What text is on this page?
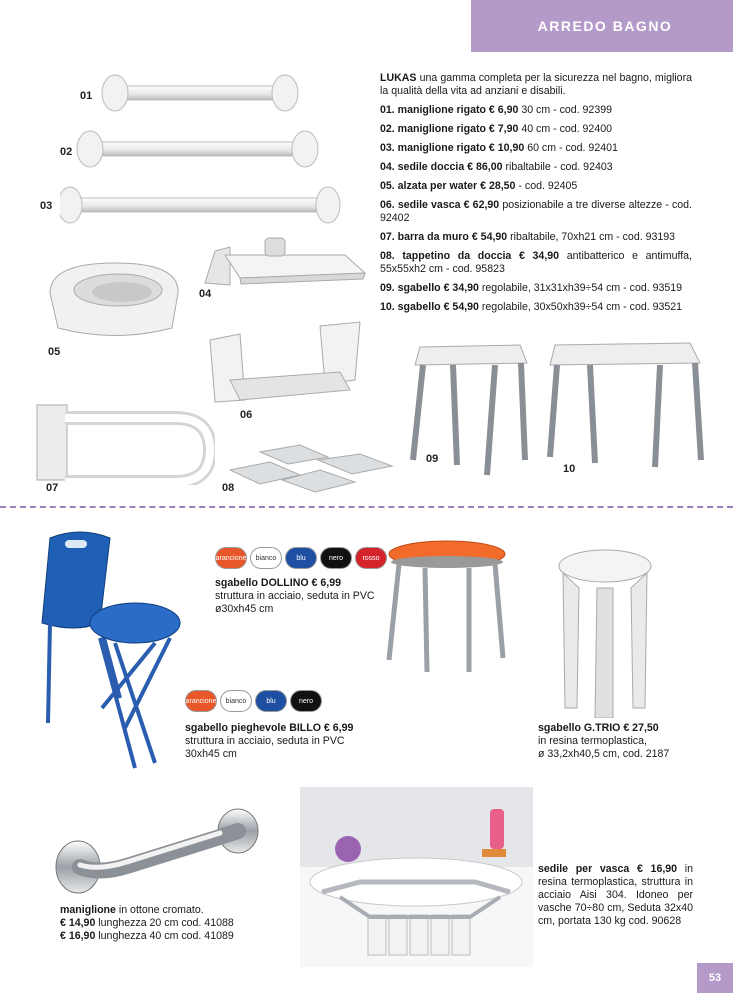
ARREDO BAGNO
01
02
03
04
05
06
07	08
09
10

LUKAS una gamma completa per la sicurezza nel bagno, migliora la qualità della vita ad anziani e disabili.

01. maniglione rigato € 6,90 30 cm - cod. 92399

02. maniglione rigato € 7,90 40 cm - cod. 92400

03. maniglione rigato € 10,90 60 cm - cod. 92401

04. sedile doccia € 86,00 ribaltabile - cod. 92403

05. alzata per water € 28,50 - cod. 92405

06. sedile vasca € 62,90 posizionabile a tre diverse altezze - cod. 92402

07. barra da muro € 54,90 ribaltabile, 70xh21 cm - cod. 93193

08. tappetino da doccia € 34,90 antibatterico e antimuffa, 55x55xh2 cm - cod. 95823

09. sgabello € 34,90 regolabile, 31x31xh39÷54 cm - cod. 93519

10. sgabello € 54,90 regolabile, 30x50xh39÷54 cm - cod. 93521

arancione	bianco	blu	nero	rosso
sgabello DOLLINO € 6,99
struttura in acciaio, seduta in PVC
ø30xh45 cm
arancione	bianco	blu	nero
sgabello pieghevole BILLO € 6,99
struttura in acciaio, seduta in PVC
30xh45 cm
sgabello G.TRIO € 27,50
in resina termoplastica,
ø 33,2xh40,5 cm, cod. 2187
maniglione in ottone cromato.
€ 14,90 lunghezza 20 cm cod. 41088
€ 16,90 lunghezza 40 cm cod. 41089
sedile per vasca € 16,90 in resina termoplastica, struttura in acciaio Aisi 304. Idoneo per vasche 70÷80 cm, Seduta 32x40 cm, portata 130 kg cod. 90628
53
